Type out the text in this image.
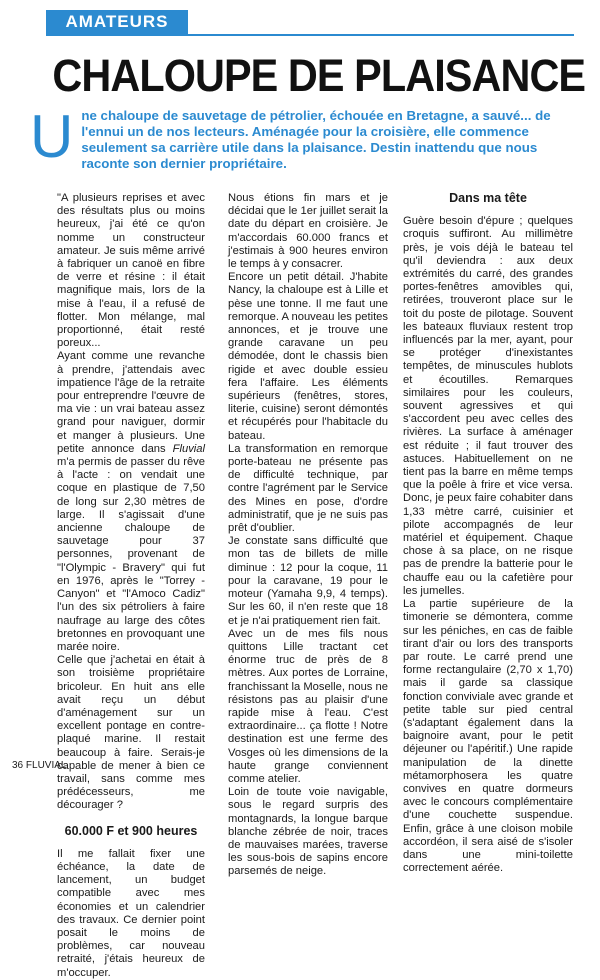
AMATEURS
CHALOUPE DE PLAISANCE
U ne chaloupe de sauvetage de pétrolier, échouée en Bretagne, a sauvé... de l'ennui un de nos lecteurs. Aménagée pour la croisière, elle commence seulement sa carrière utile dans la plaisance. Destin inattendu que nous raconte son dernier propriétaire.

"A plusieurs reprises et avec des résultats plus ou moins heureux, j'ai été ce qu'on nomme un constructeur amateur. Je suis même arrivé à fabriquer un canoë en fibre de verre et résine : il était magnifique mais, lors de la mise à l'eau, il a refusé de flotter. Mon mélange, mal proportionné, était resté poreux...

Ayant comme une revanche à prendre, j'attendais avec impatience l'âge de la retraite pour entreprendre l'œuvre de ma vie : un vrai bateau assez grand pour naviguer, dormir et manger à plusieurs. Une petite annonce dans Fluvial m'a permis de passer du rêve à l'acte : on vendait une coque en plastique de 7,50 de long sur 2,30 mètres de large. Il s'agissait d'une ancienne chaloupe de sauvetage pour 37 personnes, provenant de "l'Olympic - Bravery" qui fut en 1976, après le "Torrey - Canyon" et "l'Amoco Cadiz" l'un des six pétroliers à faire naufrage au large des côtes bretonnes en provoquant une marée noire.

Celle que j'achetai en était à son troisième propriétaire bricoleur. En huit ans elle avait reçu un début d'aménagement sur un excellent pontage en contre-plaqué marine. Il restait beaucoup à faire. Serais-je capable de mener à bien ce travail, sans comme mes prédécesseurs, me décourager ?

60.000 F et 900 heures

Il me fallait fixer une échéance, la date de lancement, un budget compatible avec mes économies et un calendrier des travaux. Ce dernier point posait le moins de problèmes, car nouveau retraité, j'étais heureux de m'occuper.

Nous étions fin mars et je décidai que le 1er juillet serait la date du départ en croisière. Je m'accordais 60.000 francs et j'estimais à 900 heures environ le temps à y consacrer.

Encore un petit détail. J'habite Nancy, la chaloupe est à Lille et pèse une tonne. Il me faut une remorque. A nouveau les petites annonces, et je trouve une grande caravane un peu démodée, dont le chassis bien rigide et avec double essieu fera l'affaire. Les éléments supérieurs (fenêtres, stores, literie, cuisine) seront démontés et récupérés pour l'habitacle du bateau.

La transformation en remorque porte-bateau ne présente pas de difficulté technique, par contre l'agrément par le Service des Mines en pose, d'ordre administratif, que je ne suis pas prêt d'oublier.

Je constate sans difficulté que mon tas de billets de mille diminue : 12 pour la coque, 11 pour la caravane, 19 pour le moteur (Yamaha 9,9, 4 temps). Sur les 60, il n'en reste que 18 et je n'ai pratiquement rien fait.

Avec un de mes fils nous quittons Lille tractant cet énorme truc de près de 8 mètres. Aux portes de Lorraine, franchissant la Moselle, nous ne résistons pas au plaisir d'une rapide mise à l'eau. C'est extraordinaire... ça flotte ! Notre destination est une ferme des Vosges où les dimensions de la haute grange conviennent comme atelier.

Loin de toute voie navigable, sous le regard surpris des montagnards, la longue barque blanche zébrée de noir, traces de mauvaises marées, traverse les sous-bois de sapins encore parsemés de neige.

Dans ma tête

Guère besoin d'épure ; quelques croquis suffiront. Au millimètre près, je vois déjà le bateau tel qu'il deviendra : aux deux extrémités du carré, des grandes portes-fenêtres amovibles qui, retirées, trouveront place sur le toit du poste de pilotage. Souvent les bateaux fluviaux restent trop influencés par la mer, ayant, pour se protéger d'inexistantes tempêtes, de minuscules hublots et écoutilles. Remarques similaires pour les couleurs, souvent agressives et qui s'accordent peu avec celles des rivières. La surface à aménager est réduite ; il faut trouver des astuces. Habituellement on ne tient pas la barre en même temps que la poêle à frire et vice versa. Donc, je peux faire cohabiter dans 1,33 mètre carré, cuisinier et pilote accompagnés de leur matériel et équipement. Chaque chose à sa place, on ne risque pas de prendre la batterie pour le chauffe eau ou la cafetière pour les jumelles.

La partie supérieure de la timonerie se démontera, comme sur les péniches, en cas de faible tirant d'air ou lors des transports par route. Le carré prend une forme rectangulaire (2,70 x 1,70) mais il garde sa classique fonction conviviale avec grande et petite table sur pied central (s'adaptant également dans la baignoire avant, pour le petit déjeuner ou l'apéritif.) Une rapide manipulation de la dinette métamorphosera les quatre convives en quatre dormeurs avec le concours complémentaire d'une couchette suspendue. Enfin, grâce à une cloison mobile accordéon, il sera aisé de s'isoler dans une mini-toilette correctement aérée.

36 FLUVIAL
